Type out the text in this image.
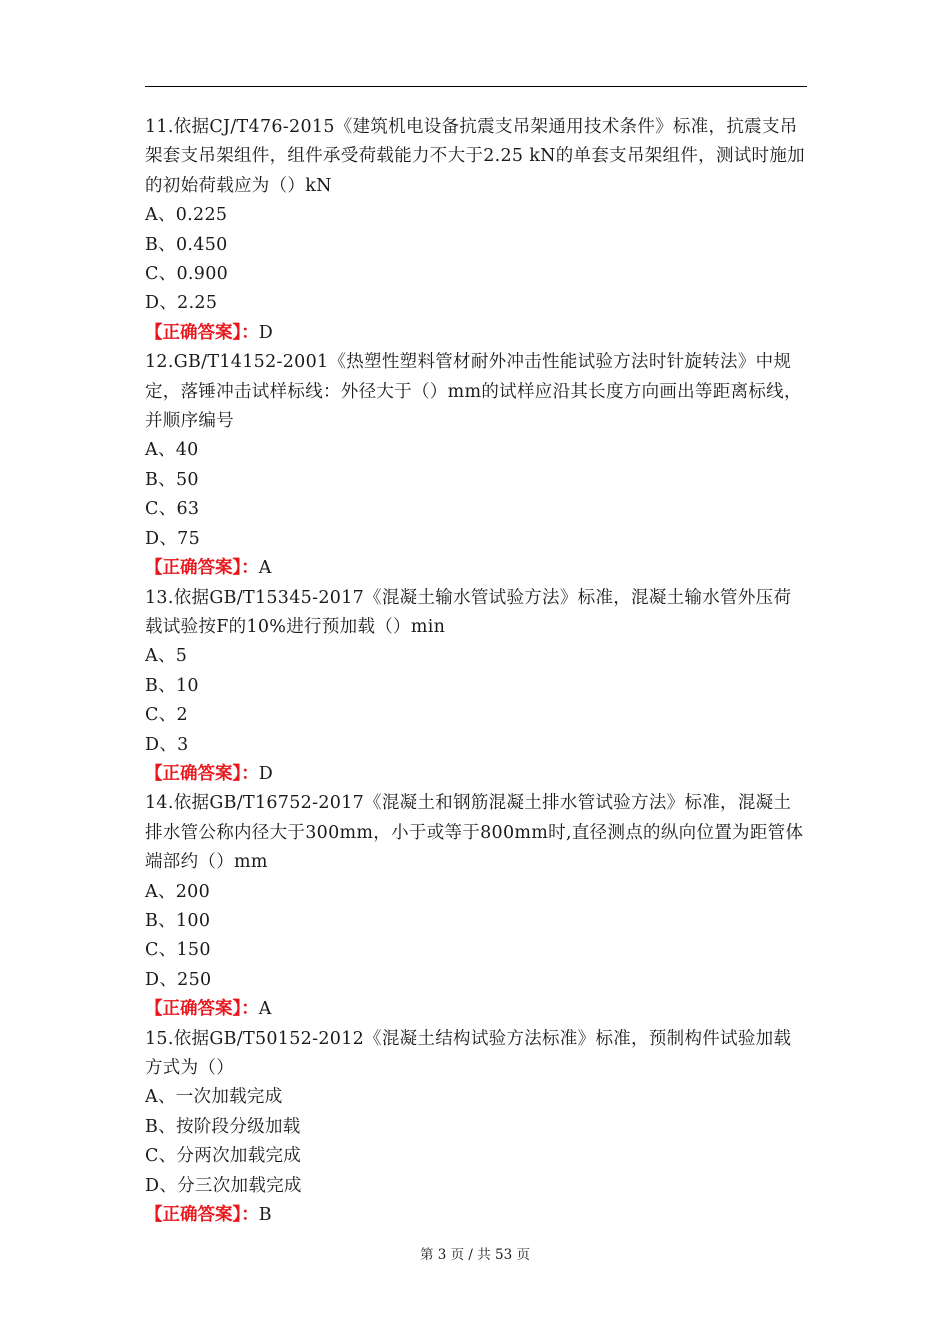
11.依据CJ/T476-2015《建筑机电设备抗震支吊架通用技术条件》标准，抗震支吊架套支吊架组件，组件承受荷载能力不大于2.25 kN的单套支吊架组件，测试时施加的初始荷载应为（）kN

A、0.225

B、0.450

C、0.900

D、2.25

【正确答案】：D

12.GB/T14152-2001《热塑性塑料管材耐外冲击性能试验方法时针旋转法》中规定，落锤冲击试样标线：外径大于（）mm的试样应沿其长度方向画出等距离标线，并顺序编号

A、40

B、50

C、63

D、75

【正确答案】：A

13.依据GB/T15345-2017《混凝土输水管试验方法》标准，混凝土输水管外压荷载试验按F的10%进行预加载（）min

A、5

B、10

C、2

D、3

【正确答案】：D

14.依据GB/T16752-2017《混凝土和钢筋混凝土排水管试验方法》标准，混凝土排水管公称内径大于300mm，小于或等于800mm时,直径测点的纵向位置为距管体端部约（）mm

A、200

B、100

C、150

D、250

【正确答案】：A

15.依据GB/T50152-2012《混凝土结构试验方法标准》标准，预制构件试验加载方式为（）

A、一次加载完成

B、按阶段分级加载

C、分两次加载完成

D、分三次加载完成

【正确答案】：B

第 3 页 / 共 53 页
